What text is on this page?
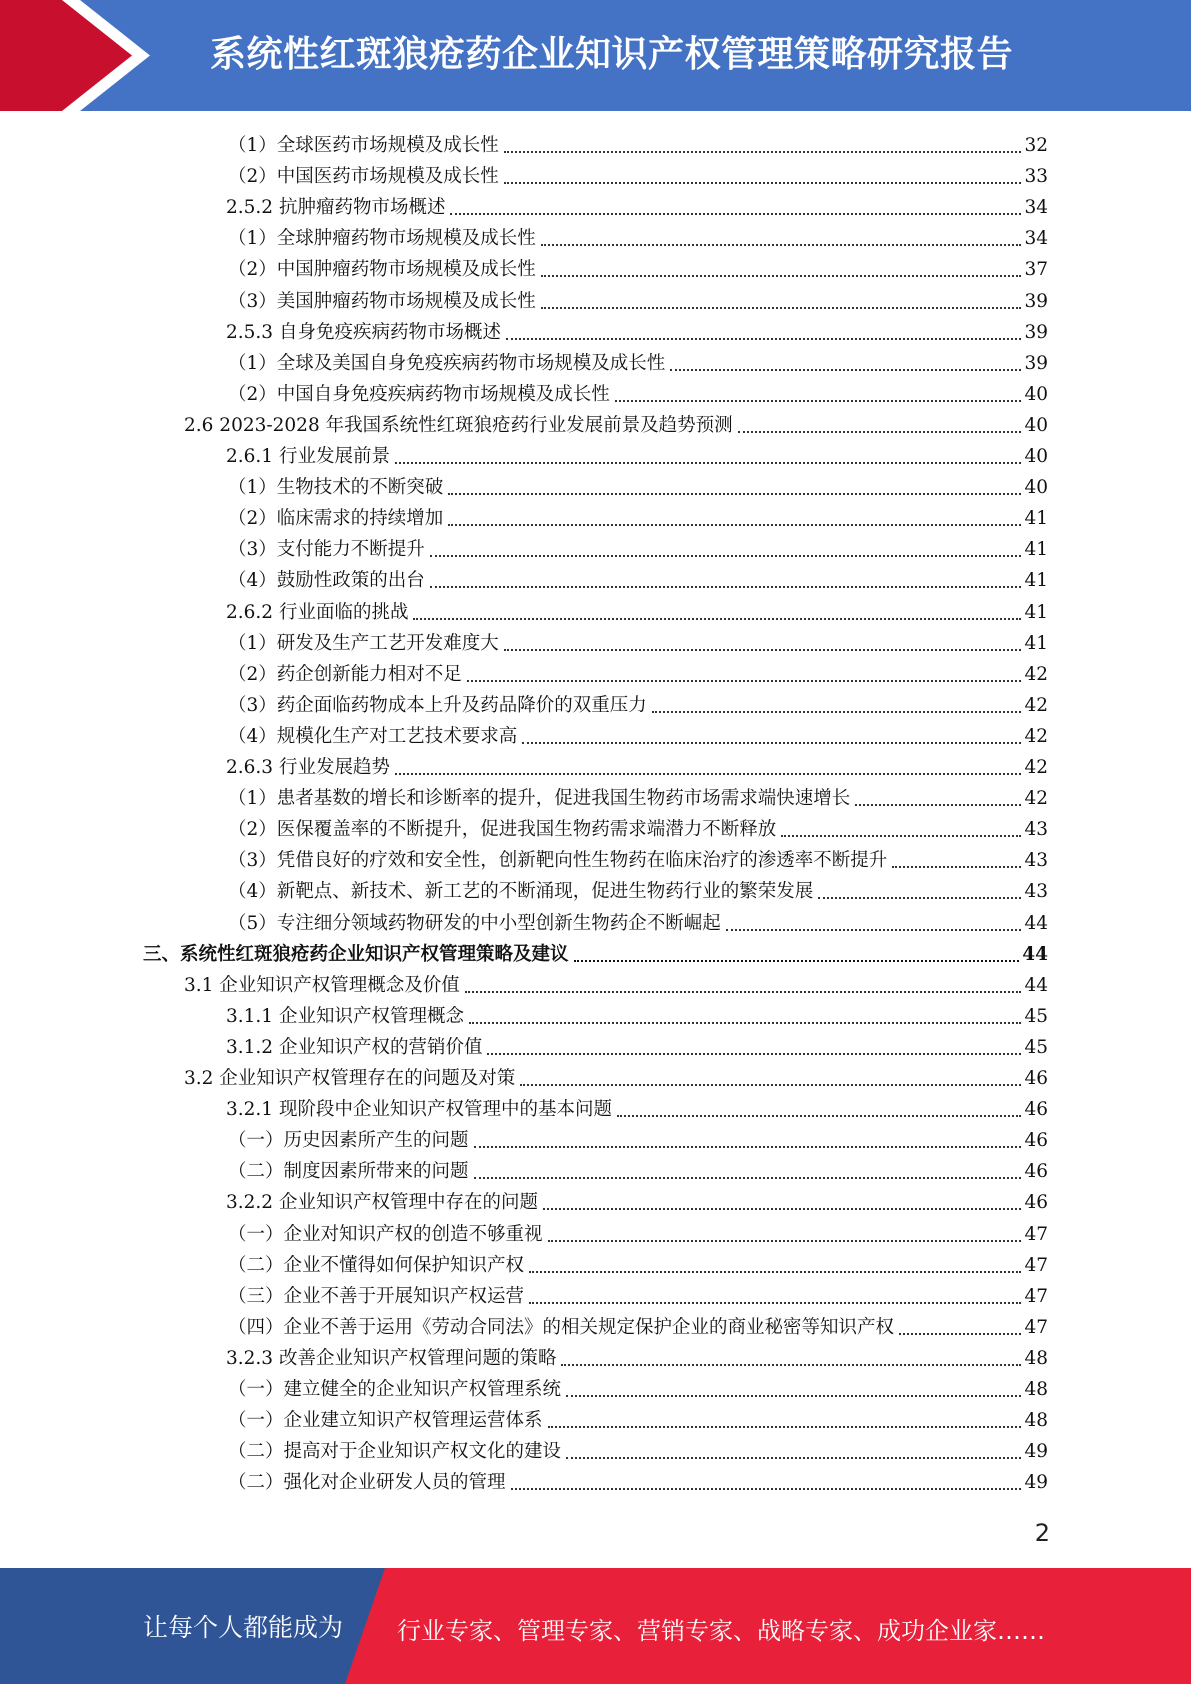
系统性红斑狼疮药企业知识产权管理策略研究报告
（1）全球医药市场规模及成长性	32
（2）中国医药市场规模及成长性	33
2.5.2 抗肿瘤药物市场概述	34
（1）全球肿瘤药物市场规模及成长性	34
（2）中国肿瘤药物市场规模及成长性	37
（3）美国肿瘤药物市场规模及成长性	39
2.5.3 自身免疫疾病药物市场概述	39
（1）全球及美国自身免疫疾病药物市场规模及成长性	39
（2）中国自身免疫疾病药物市场规模及成长性	40
2.6 2023-2028 年我国系统性红斑狼疮药行业发展前景及趋势预测	40
2.6.1 行业发展前景	40
（1）生物技术的不断突破	40
（2）临床需求的持续增加	41
（3）支付能力不断提升	41
（4）鼓励性政策的出台	41
2.6.2 行业面临的挑战	41
（1）研发及生产工艺开发难度大	41
（2）药企创新能力相对不足	42
（3）药企面临药物成本上升及药品降价的双重压力	42
（4）规模化生产对工艺技术要求高	42
2.6.3 行业发展趋势	42
（1）患者基数的增长和诊断率的提升，促进我国生物药市场需求端快速增长	42
（2）医保覆盖率的不断提升，促进我国生物药需求端潜力不断释放	43
（3）凭借良好的疗效和安全性，创新靶向性生物药在临床治疗的渗透率不断提升	43
（4）新靶点、新技术、新工艺的不断涌现，促进生物药行业的繁荣发展	43
（5）专注细分领域药物研发的中小型创新生物药企不断崛起	44
三、系统性红斑狼疮药企业知识产权管理策略及建议	44
3.1 企业知识产权管理概念及价值	44
3.1.1 企业知识产权管理概念	45
3.1.2 企业知识产权的营销价值	45
3.2 企业知识产权管理存在的问题及对策	46
3.2.1 现阶段中企业知识产权管理中的基本问题	46
（一）历史因素所产生的问题	46
（二）制度因素所带来的问题	46
3.2.2 企业知识产权管理中存在的问题	46
（一）企业对知识产权的创造不够重视	47
（二）企业不懂得如何保护知识产权	47
（三）企业不善于开展知识产权运营	47
（四）企业不善于运用《劳动合同法》的相关规定保护企业的商业秘密等知识产权	47
3.2.3 改善企业知识产权管理问题的策略	48
（一）建立健全的企业知识产权管理系统	48
（一）企业建立知识产权管理运营体系	48
（二）提高对于企业知识产权文化的建设	49
（二）强化对企业研发人员的管理	49
2
让每个人都能成为 行业专家、管理专家、营销专家、战略专家、成功企业家……
